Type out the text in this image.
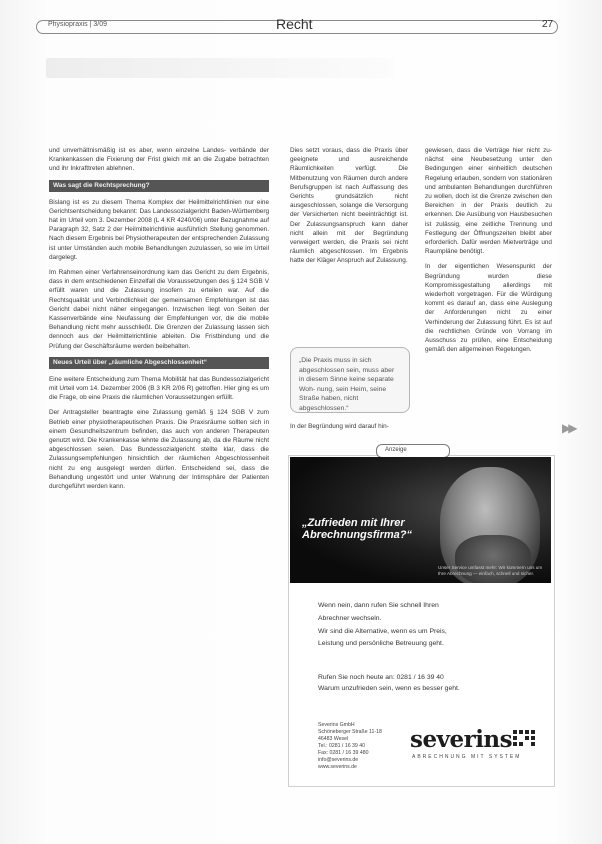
Physiopraxis | 3/09	Recht	27

und unverhältnismäßig ist es aber, wenn einzelne Landes- verbände der Krankenkassen die Fixierung der Frist gleich mit an die Zugabe betrachten und ihr Inkrafttreten ablehnen.

Was sagt die Rechtsprechung?

Bislang ist es zu diesem Thema Komplex der Heilmittelrichtlinien nur eine Gerichtsentscheidung bekannt: Das Landessozialgericht Baden-Württemberg hat im Urteil vom 3. Dezember 2008 (L 4 KR 4240/06) unter Bezugnahme auf Paragraph 32, Satz 2 der Heilmittelrichtlinie ausführlich Stellung genommen. Nach diesem Ergebnis bei Physiotherapeuten der entsprechenden Zulassung ist unter Umständen auch mobile Behandlungen zuzulassen, so wie im Urteil dargelegt.

Im Rahmen einer Verfahrenseinordnung kam das Gericht zu dem Ergebnis, dass in dem entschiedenen Einzelfall die Voraussetzungen des § 124 SGB V erfüllt waren und die Zulassung insofern zu erteilen war. Auf die Rechtsqualität und Verbindlichkeit der gemeinsamen Empfehlungen ist das Gericht dabei nicht näher eingegangen. Inzwischen liegt von Seiten der Kassenverbände eine Neufassung der Empfehlungen vor, die die mobile Behandlung nicht mehr ausschließt. Die Grenzen der Zulassung lassen sich dennoch aus der Heilmittelrichtlinie ableiten. Die Fristbindung und die Prüfung der Geschäftsräume werden beibehalten.

Neues Urteil über „räumliche Abgeschlossenheit“

Eine weitere Entscheidung zum Thema Mobilität hat das Bundessozialgericht mit Urteil vom 14. Dezember 2006 (B 3 KR 2/06 R) getroffen. Hier ging es um die Frage, ob eine Praxis die räumlichen Voraussetzungen erfüllt.

Der Antragsteller beantragte eine Zulassung gemäß § 124 SGB V zum Betrieb einer physiotherapeutischen Praxis. Die Praxisräume sollten sich in einem Gesundheitszentrum befinden, das auch von anderen Therapeuten genutzt wird. Die Krankenkasse lehnte die Zulassung ab, da die Räume nicht abgeschlossen seien. Das Bundessozialgericht stellte klar, dass die Zulassungsempfehlungen hinsichtlich der räumlichen Abgeschlossenheit nicht zu eng ausgelegt werden dürfen. Entscheidend sei, dass die Behandlung ungestört und unter Wahrung der Intimsphäre der Patienten durchgeführt werden kann.

Dies setzt voraus, dass die Praxis über geeignete und ausreichende Räumlichkeiten verfügt. Die Mitbenutzung von Räumen durch andere Berufsgruppen ist nach Auffassung des Gerichts grundsätzlich nicht ausgeschlossen, solange die Versorgung der Versicherten nicht beeinträchtigt ist. Der Zulassungsanspruch kann daher nicht allein mit der Begründung verweigert werden, die Praxis sei nicht räumlich abgeschlossen. Im Ergebnis hatte der Kläger Anspruch auf Zulassung.

„Die Praxis muss in sich abgeschlossen sein, muss aber in diesem Sinne keine separate Woh- nung, sein Heim, seine Straße haben, nicht abgeschlossen.“
In der Begründung wird darauf hin-

gewiesen, dass die Verträge hier nicht zu- nächst eine Neubesetzung unter den Bedingungen einer einheitlich deutschen Regelung erlauben, sondern von stationären und ambulanten Behandlungen durchführen zu wollen, doch ist die Grenze zwischen den Bereichen in der Praxis deutlich zu erkennen. Die Ausübung von Hausbesuchen ist zulässig, eine zeitliche Trennung und Festlegung der Öffnungszeiten bleibt aber erforderlich. Dafür werden Mietverträge und Raumpläne benötigt.

In der eigentlichen Wesenspunkt der Begründung wurden diese Kompromissgestaltung allerdings mit wiederholt vorgetragen. Für die Würdigung kommt es darauf an, dass eine Auslegung der Anforderungen nicht zu einer Verhinderung der Zulassung führt. Es ist auf die rechtlichen Gründe von Vorrang im Ausschuss zu prüfen, eine Entscheidung gemäß den allgemeinen Regelungen.

▶▶
Anzeige
„Zufrieden mit Ihrer
Abrechnungsfirma?“
Unser Service umfasst mehr: Wir kümmern uns um Ihre Abrechnung — einfach, schnell und sicher.
Wenn nein, dann rufen Sie schnell Ihren
Abrechner wechseln.
Wir sind die Alternative, wenn es um Preis,
Leistung und persönliche Betreuung geht.
Rufen Sie noch heute an: 0281 / 16 39 40
Warum unzufrieden sein, wenn es besser geht.
Severins GmbH
Schöneberger Straße 11-18
46483 Wesel
Tel.: 0281 / 16 39 40
Fax: 0281 / 16 39 480
info@severins.de
www.severins.de
severins
ABRECHNUNG MIT SYSTEM
